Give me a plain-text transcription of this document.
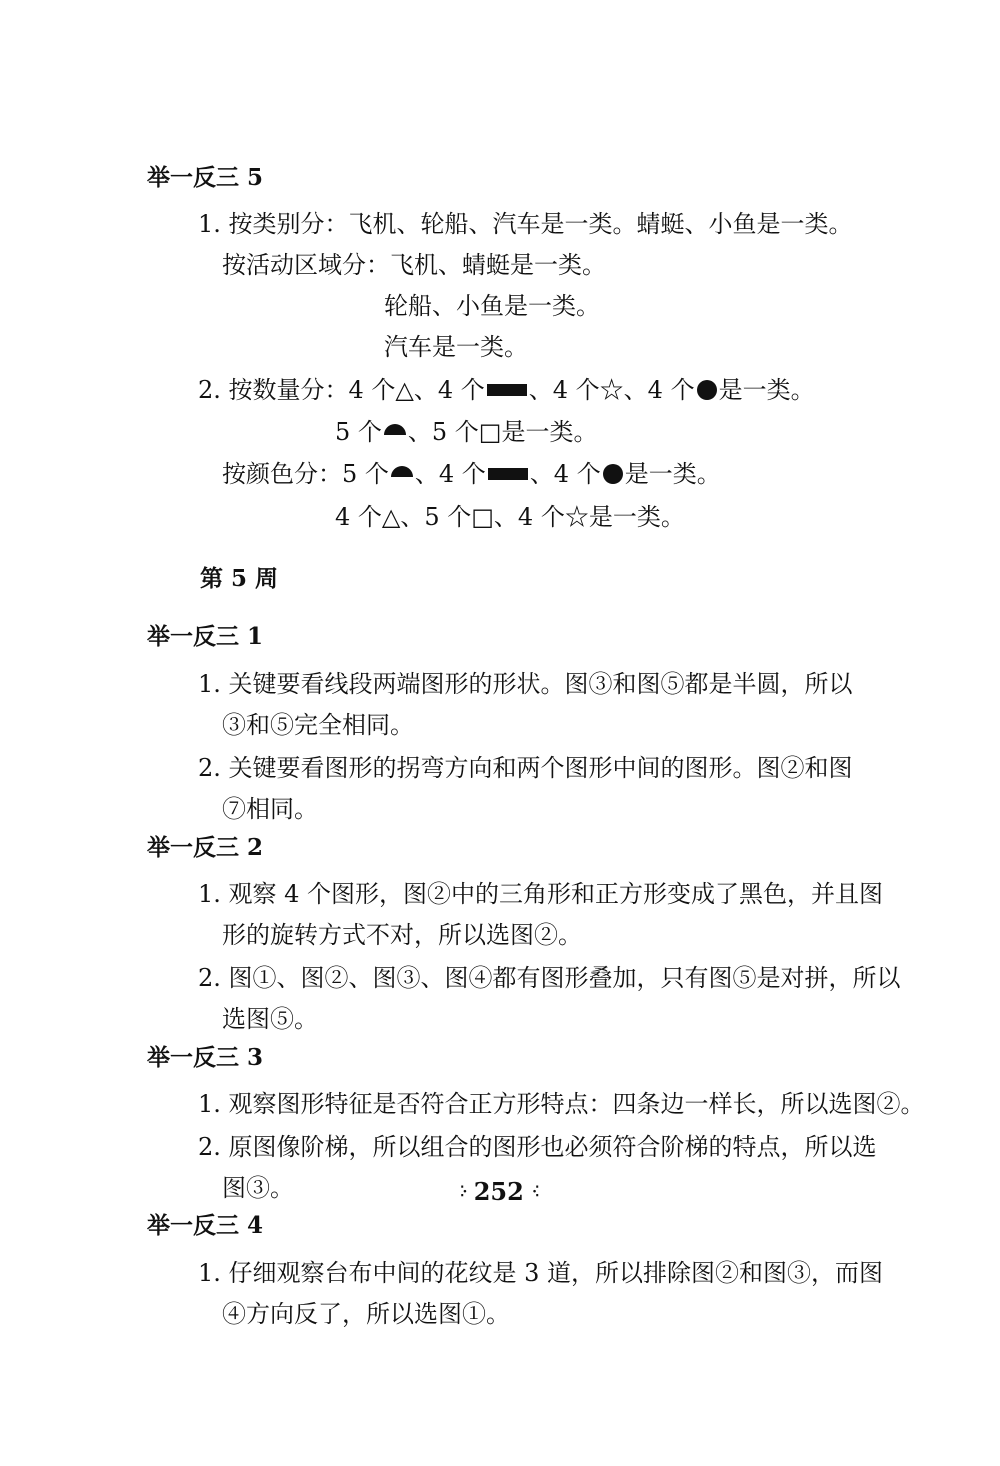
举一反三 5
1. 按类别分：飞机、轮船、汽车是一类。蜻蜓、小鱼是一类。
按活动区域分：飞机、蜻蜓是一类。
轮船、小鱼是一类。
汽车是一类。
2. 按数量分：4 个△、4 个 、4 个☆、4 个 是一类。
5 个 、5 个□是一类。
按颜色分：5 个 、4 个 、4 个 是一类。
4 个△、5 个□、4 个☆是一类。
第 5 周
举一反三 1
1. 关键要看线段两端图形的形状。图③和图⑤都是半圆，所以
③和⑤完全相同。
2. 关键要看图形的拐弯方向和两个图形中间的图形。图②和图
⑦相同。
举一反三 2
1. 观察 4 个图形，图②中的三角形和正方形变成了黑色，并且图
形的旋转方式不对，所以选图②。
2. 图①、图②、图③、图④都有图形叠加，只有图⑤是对拼，所以
选图⑤。
举一反三 3
1. 观察图形特征是否符合正方形特点：四条边一样长，所以选图②。
2. 原图像阶梯，所以组合的图形也必须符合阶梯的特点，所以选
图③。
举一反三 4
1. 仔细观察台布中间的花纹是 3 道，所以排除图②和图③，而图
④方向反了，所以选图①。
⁚· 252 ·⁚
